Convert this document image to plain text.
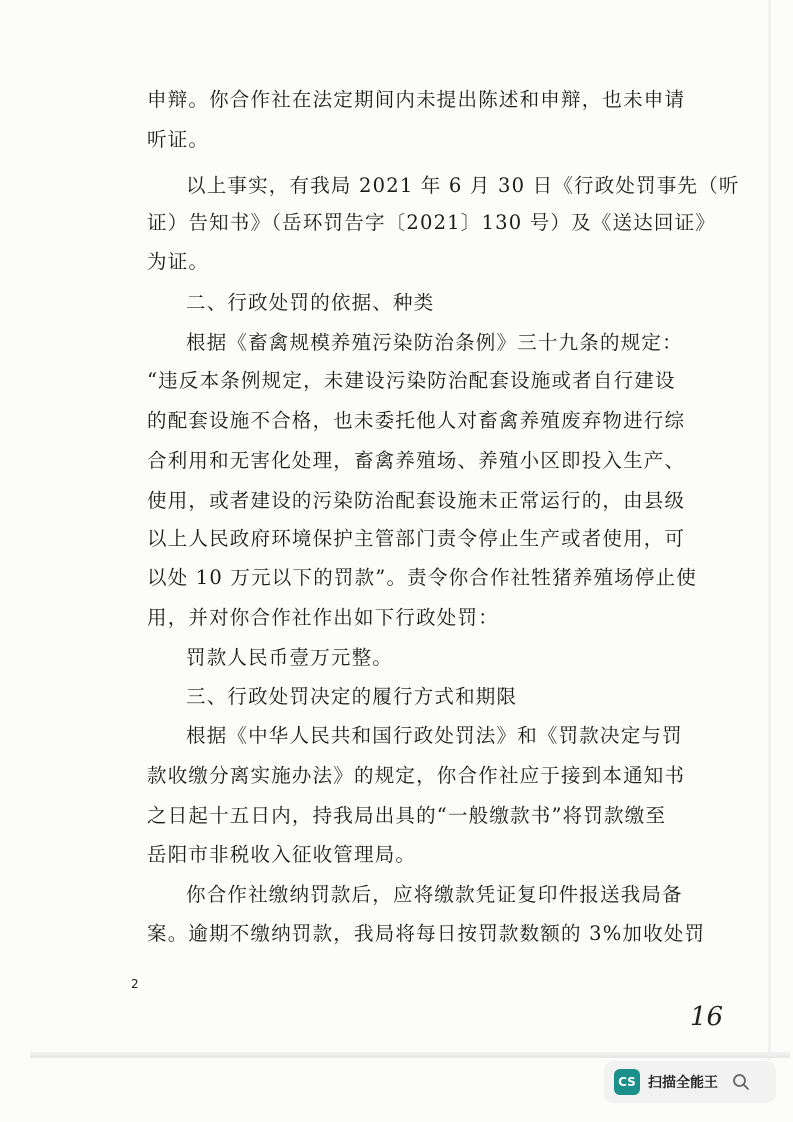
申辩。你合作社在法定期间内未提出陈述和申辩，也未申请
听证。
以上事实，有我局 2021 年 6 月 30 日《行政处罚事先（听
证）告知书》（岳环罚告字〔2021〕130 号）及《送达回证》
为证。
二、行政处罚的依据、种类
根据《畜禽规模养殖污染防治条例》三十九条的规定：
“违反本条例规定，未建设污染防治配套设施或者自行建设
的配套设施不合格，也未委托他人对畜禽养殖废弃物进行综
合利用和无害化处理，畜禽养殖场、养殖小区即投入生产、
使用，或者建设的污染防治配套设施未正常运行的，由县级
以上人民政府环境保护主管部门责令停止生产或者使用，可
以处 10 万元以下的罚款”。责令你合作社牲猪养殖场停止使
用，并对你合作社作出如下行政处罚：
罚款人民币壹万元整。
三、行政处罚决定的履行方式和期限
根据《中华人民共和国行政处罚法》和《罚款决定与罚
款收缴分离实施办法》的规定，你合作社应于接到本通知书
之日起十五日内，持我局出具的“一般缴款书”将罚款缴至
岳阳市非税收入征收管理局。
你合作社缴纳罚款后，应将缴款凭证复印件报送我局备
案。逾期不缴纳罚款，我局将每日按罚款数额的 3%加收处罚
2
16
CS 扫描全能王
